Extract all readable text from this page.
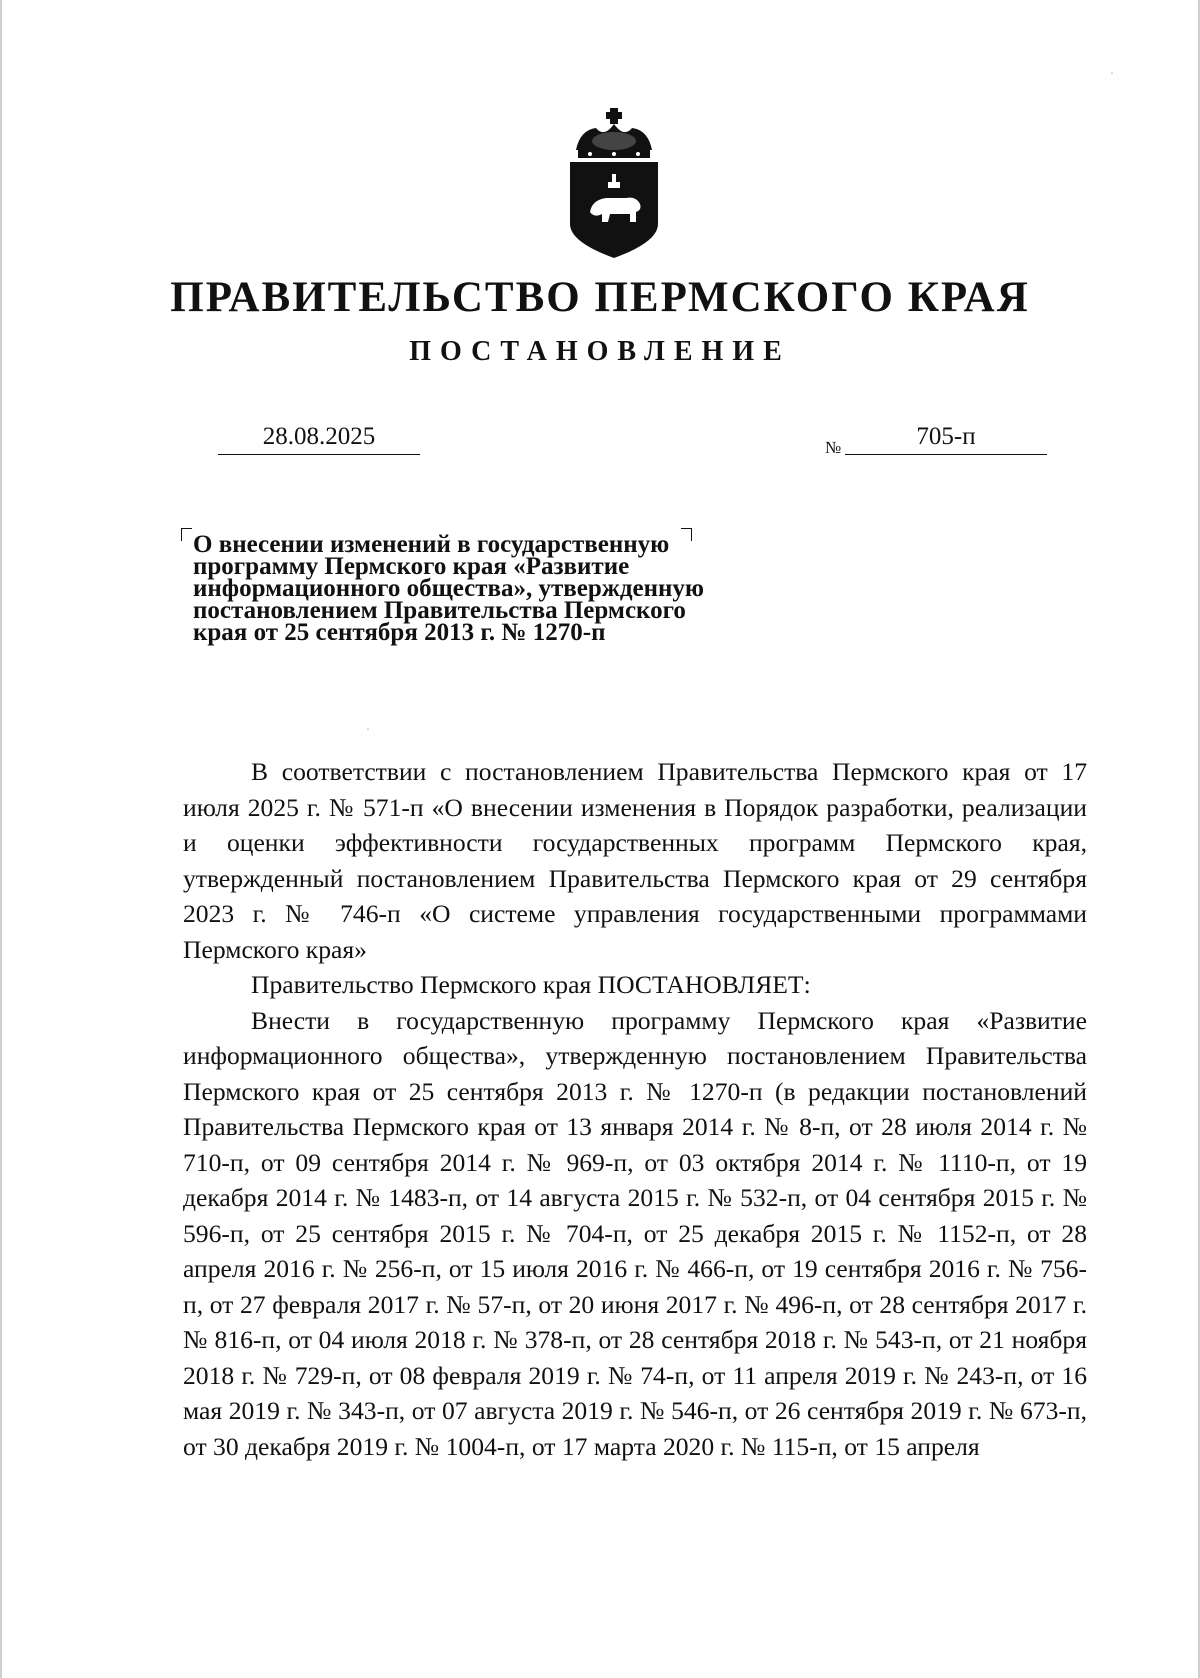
ПРАВИТЕЛЬСТВО ПЕРМСКОГО КРАЯ
ПОСТАНОВЛЕНИЕ
28.08.2025	№	705-п
О внесении изменений в государственную
программу Пермского края «Развитие
информационного общества», утвержденную
постановлением Правительства Пермского
края от 25 сентября 2013 г. № 1270-п

В соответствии с постановлением Правительства Пермского края от 17 июля 2025 г. № 571-п «О внесении изменения в Порядок разработки, реализации и оценки эффективности государственных программ Пермского края, утвержденный постановлением Правительства Пермского края от 29 сентября 2023 г. № 746-п «О системе управления государственными программами Пермского края»

Правительство Пермского края ПОСТАНОВЛЯЕТ:

Внести в государственную программу Пермского края «Развитие информационного общества», утвержденную постановлением Правительства Пермского края от 25 сентября 2013 г. № 1270-п (в редакции постановлений Правительства Пермского края от 13 января 2014 г. № 8-п, от 28 июля 2014 г. № 710-п, от 09 сентября 2014 г. № 969-п, от 03 октября 2014 г. № 1110-п, от 19 декабря 2014 г. № 1483-п, от 14 августа 2015 г. № 532-п, от 04 сентября 2015 г. № 596-п, от 25 сентября 2015 г. № 704-п, от 25 декабря 2015 г. № 1152-п, от 28 апреля 2016 г. № 256-п, от 15 июля 2016 г. № 466-п, от 19 сентября 2016 г. № 756-п, от 27 февраля 2017 г. № 57-п, от 20 июня 2017 г. № 496-п, от 28 сентября 2017 г. № 816-п, от 04 июля 2018 г. № 378-п, от 28 сентября 2018 г. № 543-п, от 21 ноября 2018 г. № 729-п, от 08 февраля 2019 г. № 74-п, от 11 апреля 2019 г. № 243-п, от 16 мая 2019 г. № 343-п, от 07 августа 2019 г. № 546-п, от 26 сентября 2019 г. № 673-п, от 30 декабря 2019 г. № 1004-п, от 17 марта 2020 г. № 115-п, от 15 апреля

·
·
